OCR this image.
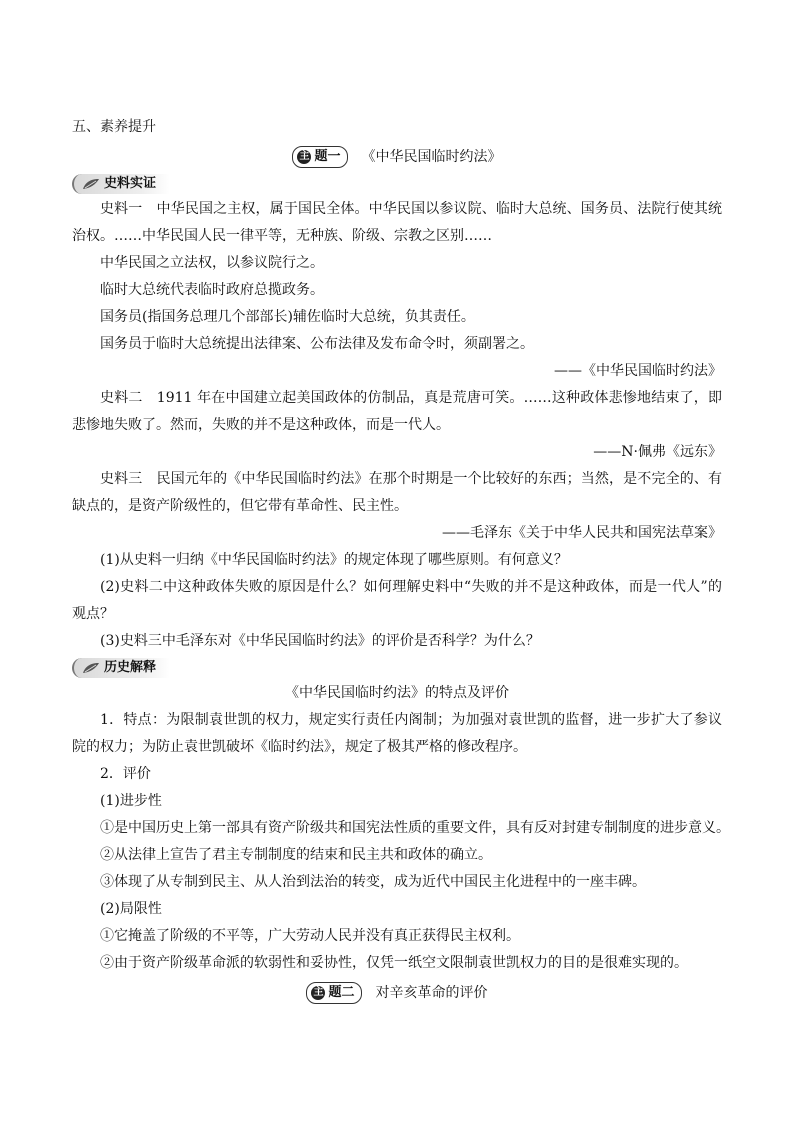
五、素养提升
主 题一 《中华民国临时约法》
史料实证

史料一　中华民国之主权，属于国民全体。中华民国以参议院、临时大总统、国务员、法院行使其统治权。……中华民国人民一律平等，无种族、阶级、宗教之区别……

中华民国之立法权，以参议院行之。
临时大总统代表临时政府总揽政务。
国务员(指国务总理几个部部长)辅佐临时大总统，负其责任。
国务员于临时大总统提出法律案、公布法律及发布命令时，须副署之。

——《中华民国临时约法》

史料二　1911 年在中国建立起美国政体的仿制品，真是荒唐可笑。……这种政体悲惨地结束了，即悲惨地失败了。然而，失败的并不是这种政体，而是一代人。

——N·佩弗《远东》

史料三　民国元年的《中华民国临时约法》在那个时期是一个比较好的东西；当然，是不完全的、有缺点的，是资产阶级性的，但它带有革命性、民主性。

——毛泽东《关于中华人民共和国宪法草案》

(1)从史料一归纳《中华民国临时约法》的规定体现了哪些原则。有何意义？

(2)史料二中这种政体失败的原因是什么？如何理解史料中“失败的并不是这种政体，而是一代人”的观点？

(3)史料三中毛泽东对《中华民国临时约法》的评价是否科学？为什么？

历史解释

《中华民国临时约法》的特点及评价

1．特点：为限制袁世凯的权力，规定实行责任内阁制；为加强对袁世凯的监督，进一步扩大了参议院的权力；为防止袁世凯破坏《临时约法》，规定了极其严格的修改程序。

2．评价
(1)进步性
①是中国历史上第一部具有资产阶级共和国宪法性质的重要文件，具有反对封建专制制度的进步意义。
②从法律上宣告了君主专制制度的结束和民主共和政体的确立。
③体现了从专制到民主、从人治到法治的转变，成为近代中国民主化进程中的一座丰碑。
(2)局限性
①它掩盖了阶级的不平等，广大劳动人民并没有真正获得民主权利。
②由于资产阶级革命派的软弱性和妥协性，仅凭一纸空文限制袁世凯权力的目的是很难实现的。
主 题二 对辛亥革命的评价
